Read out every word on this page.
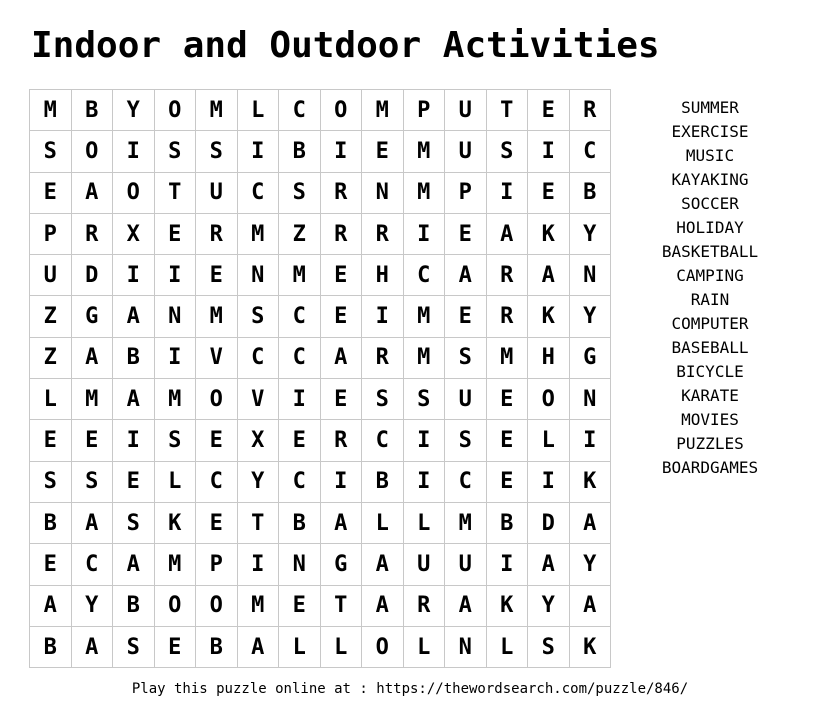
Indoor and Outdoor Activities
M	B	Y	O	M	L	C	O	M	P	U	T	E	R
S	O	I	S	S	I	B	I	E	M	U	S	I	C
E	A	O	T	U	C	S	R	N	M	P	I	E	B
P	R	X	E	R	M	Z	R	R	I	E	A	K	Y
U	D	I	I	E	N	M	E	H	C	A	R	A	N
Z	G	A	N	M	S	C	E	I	M	E	R	K	Y
Z	A	B	I	V	C	C	A	R	M	S	M	H	G
L	M	A	M	O	V	I	E	S	S	U	E	O	N
E	E	I	S	E	X	E	R	C	I	S	E	L	I
S	S	E	L	C	Y	C	I	B	I	C	E	I	K
B	A	S	K	E	T	B	A	L	L	M	B	D	A
E	C	A	M	P	I	N	G	A	U	U	I	A	Y
A	Y	B	O	O	M	E	T	A	R	A	K	Y	A
B	A	S	E	B	A	L	L	O	L	N	L	S	K
SUMMER
EXERCISE
MUSIC
KAYAKING
SOCCER
HOLIDAY
BASKETBALL
CAMPING
RAIN
COMPUTER
BASEBALL
BICYCLE
KARATE
MOVIES
PUZZLES
BOARDGAMES
Play this puzzle online at : https://thewordsearch.com/puzzle/846/
